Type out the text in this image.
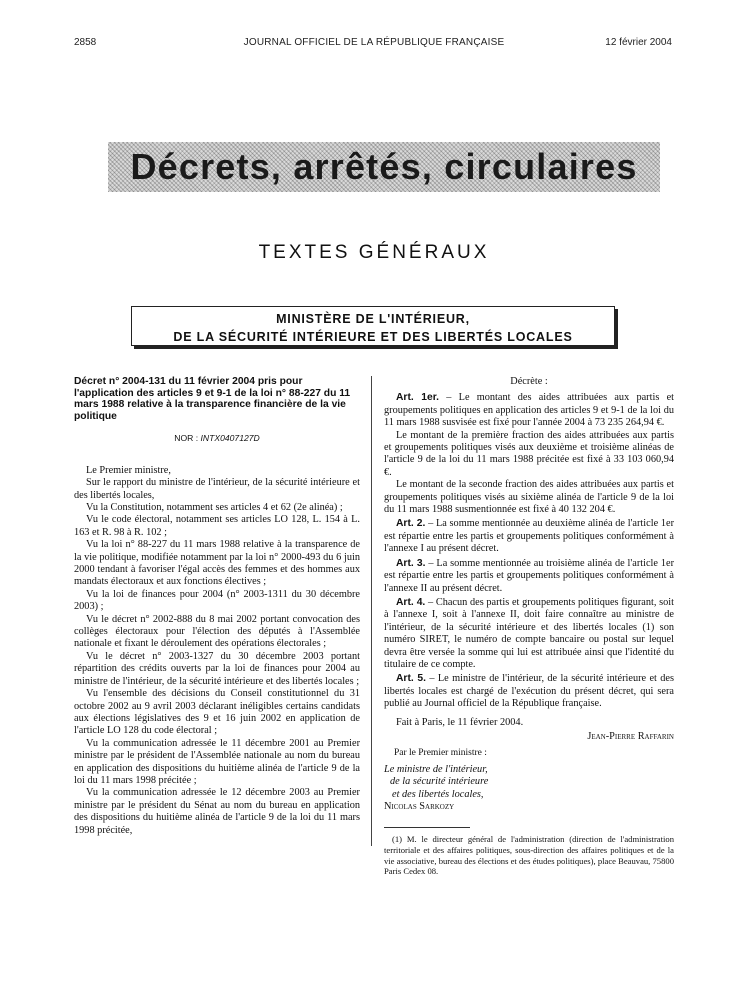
2858	JOURNAL OFFICIEL DE LA RÉPUBLIQUE FRANÇAISE	12 février 2004
Décrets, arrêtés, circulaires
TEXTES GÉNÉRAUX
MINISTÈRE DE L'INTÉRIEUR,
DE LA SÉCURITÉ INTÉRIEURE ET DES LIBERTÉS LOCALES

Décret n° 2004-131 du 11 février 2004 pris pour l'application des articles 9 et 9-1 de la loi n° 88-227 du 11 mars 1988 relative à la transparence financière de la vie politique

NOR : INTX0407127D

Le Premier ministre,

Sur le rapport du ministre de l'intérieur, de la sécurité intérieure et des libertés locales,

Vu la Constitution, notamment ses articles 4 et 62 (2e alinéa) ;

Vu le code électoral, notamment ses articles LO 128, L. 154 à L. 163 et R. 98 à R. 102 ;

Vu la loi n° 88-227 du 11 mars 1988 relative à la transparence de la vie politique, modifiée notamment par la loi n° 2000-493 du 6 juin 2000 tendant à favoriser l'égal accès des femmes et des hommes aux mandats électoraux et aux fonctions électives ;

Vu la loi de finances pour 2004 (n° 2003-1311 du 30 décembre 2003) ;

Vu le décret n° 2002-888 du 8 mai 2002 portant convocation des collèges électoraux pour l'élection des députés à l'Assemblée nationale et fixant le déroulement des opérations électorales ;

Vu le décret n° 2003-1327 du 30 décembre 2003 portant répartition des crédits ouverts par la loi de finances pour 2004 au ministre de l'intérieur, de la sécurité intérieure et des libertés locales ;

Vu l'ensemble des décisions du Conseil constitutionnel du 31 octobre 2002 au 9 avril 2003 déclarant inéligibles certains candidats aux élections législatives des 9 et 16 juin 2002 en application de l'article LO 128 du code électoral ;

Vu la communication adressée le 11 décembre 2001 au Premier ministre par le président de l'Assemblée nationale au nom du bureau en application des dispositions du huitième alinéa de l'article 9 de la loi du 11 mars 1998 précitée ;

Vu la communication adressée le 12 décembre 2003 au Premier ministre par le président du Sénat au nom du bureau en application des dispositions du huitième alinéa de l'article 9 de la loi du 11 mars 1998 précitée,

Décrète :

Art. 1er. – Le montant des aides attribuées aux partis et groupements politiques en application des articles 9 et 9-1 de la loi du 11 mars 1988 susvisée est fixé pour l'année 2004 à 73 235 264,94 €.

Le montant de la première fraction des aides attribuées aux partis et groupements politiques visés aux deuxième et troisième alinéas de l'article 9 de la loi du 11 mars 1988 précitée est fixé à 33 103 060,94 €.

Le montant de la seconde fraction des aides attribuées aux partis et groupements politiques visés au sixième alinéa de l'article 9 de la loi du 11 mars 1988 susmentionnée est fixé à 40 132 204 €.

Art. 2. – La somme mentionnée au deuxième alinéa de l'article 1er est répartie entre les partis et groupements politiques conformément à l'annexe I au présent décret.

Art. 3. – La somme mentionnée au troisième alinéa de l'article 1er est répartie entre les partis et groupements politiques conformément à l'annexe II au présent décret.

Art. 4. – Chacun des partis et groupements politiques figurant, soit à l'annexe I, soit à l'annexe II, doit faire connaître au ministre de l'intérieur, de la sécurité intérieure et des libertés locales (1) son numéro SIRET, le numéro de compte bancaire ou postal sur lequel devra être versée la somme qui lui est attribuée ainsi que l'identité du titulaire de ce compte.

Art. 5. – Le ministre de l'intérieur, de la sécurité intérieure et des libertés locales est chargé de l'exécution du présent décret, qui sera publié au Journal officiel de la République française.

Fait à Paris, le 11 février 2004.

Jean-Pierre Raffarin

Par le Premier ministre :

Le ministre de l'intérieur,
de la sécurité intérieure
et des libertés locales,
Nicolas Sarkozy

(1) M. le directeur général de l'administration (direction de l'administration territoriale et des affaires politiques, sous-direction des affaires politiques et de la vie associative, bureau des élections et des études politiques), place Beauvau, 75800 Paris Cedex 08.
